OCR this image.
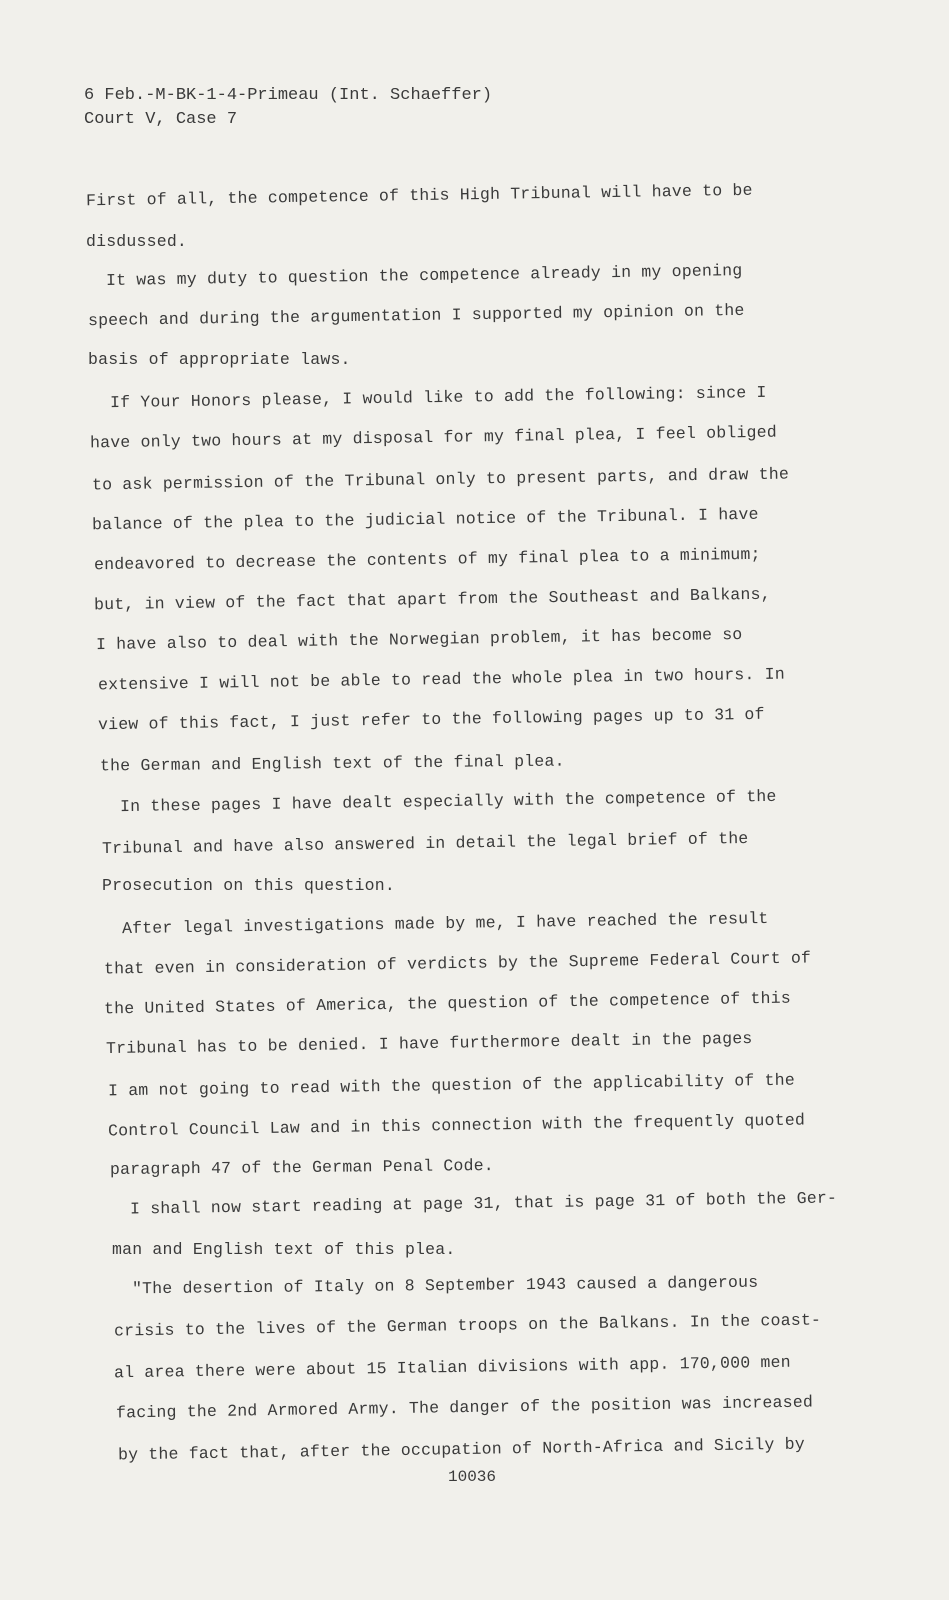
6 Feb.-M-BK-1-4-Primeau (Int. Schaeffer)
Court V, Case 7
First of all, the competence of this High Tribunal will have to be
disdussed.
It was my duty to question the competence already in my opening
speech and during the argumentation I supported my opinion on the
basis of appropriate laws.
If Your Honors please, I would like to add the following: since I
have only two hours at my disposal for my final plea, I feel obliged
to ask permission of the Tribunal only to present parts, and draw the
balance of the plea to the judicial notice of the Tribunal. I have
endeavored to decrease the contents of my final plea to a minimum;
but, in view of the fact that apart from the Southeast and Balkans,
I have also to deal with the Norwegian problem, it has become so
extensive I will not be able to read the whole plea in two hours. In
view of this fact, I just refer to the following pages up to 31 of
the German and English text of the final plea.
In these pages I have dealt especially with the competence of the
Tribunal and have also answered in detail the legal brief of the
Prosecution on this question.
After legal investigations made by me, I have reached the result
that even in consideration of verdicts by the Supreme Federal Court of
the United States of America, the question of the competence of this
Tribunal has to be denied. I have furthermore dealt in the pages
I am not going to read with the question of the applicability of the
Control Council Law and in this connection with the frequently quoted
paragraph 47 of the German Penal Code.
I shall now start reading at page 31, that is page 31 of both the Ger-
man and English text of this plea.
"The desertion of Italy on 8 September 1943 caused a dangerous
crisis to the lives of the German troops on the Balkans. In the coast-
al area there were about 15 Italian divisions with app. 170,000 men
facing the 2nd Armored Army. The danger of the position was increased
by the fact that, after the occupation of North-Africa and Sicily by
10036
